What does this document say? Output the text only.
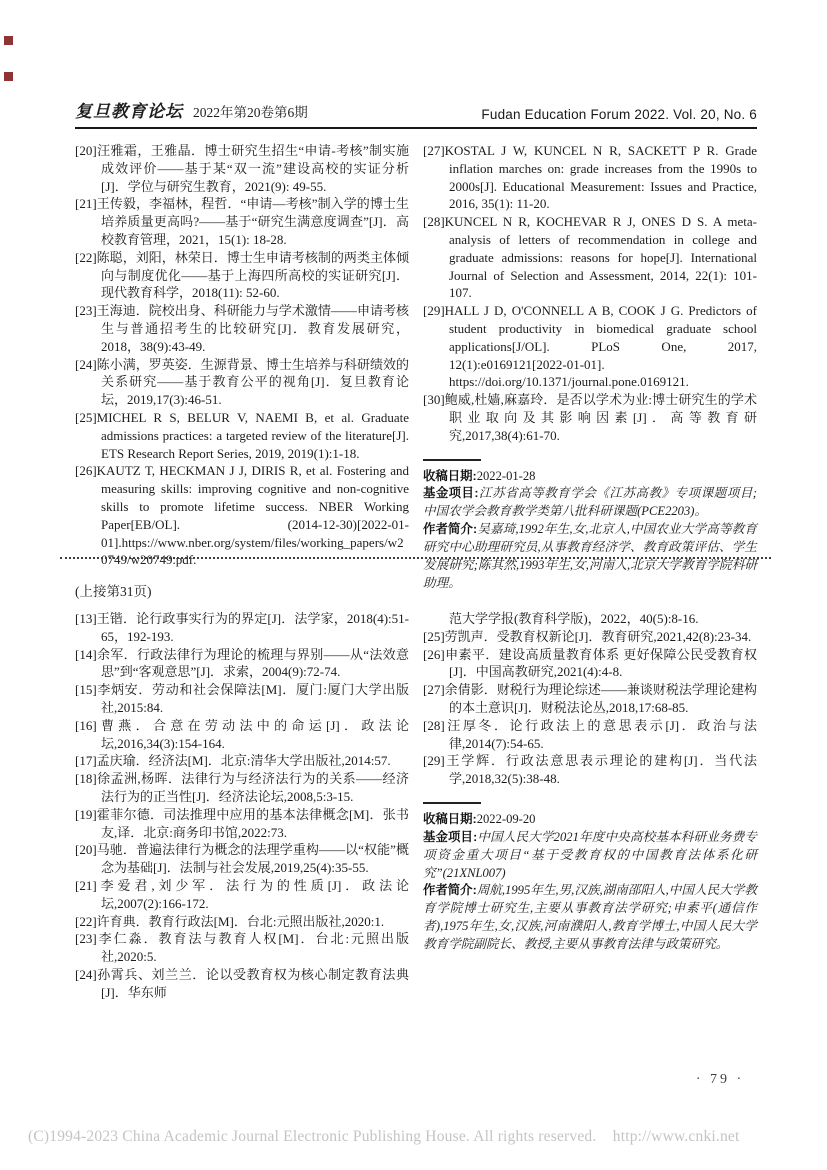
复旦教育论坛 2022年第20卷第6期	Fudan Education Forum 2022. Vol. 20, No. 6

[20]汪雅霜，王雅晶．博士研究生招生“申请-考核”制实施成效评价——基于某“双一流”建设高校的实证分析[J]．学位与研究生教育，2021(9): 49-55.

[21]王传毅，李福林，程哲．“申请—考核”制入学的博士生培养质量更高吗?——基于“研究生满意度调查”[J]．高校教育管理，2021，15(1): 18-28.

[22]陈聪，刘阳，林荣日．博士生申请考核制的两类主体倾向与制度优化——基于上海四所高校的实证研究[J]．现代教育科学，2018(11): 52-60.

[23]王海迪．院校出身、科研能力与学术激情——申请考核生与普通招考生的比较研究[J]．教育发展研究，2018，38(9):43-49.

[24]陈小满，罗英姿．生源背景、博士生培养与科研绩效的关系研究——基于教育公平的视角[J]．复旦教育论坛，2019,17(3):46-51.

[25]MICHEL R S, BELUR V, NAEMI B, et al. Graduate admissions practices: a targeted review of the literature[J]. ETS Research Report Series, 2019, 2019(1):1-18.

[26]KAUTZ T, HECKMAN J J, DIRIS R, et al. Fostering and measuring skills: improving cognitive and non-cognitive skills to promote lifetime success. NBER Working Paper[EB/OL]. (2014-12-30)[2022-01-01].https://www.nber.org/system/files/working_papers/w20749/w20749.pdf.

[27]KOSTAL J W, KUNCEL N R, SACKETT P R. Grade inflation marches on: grade increases from the 1990s to 2000s[J]. Educational Measurement: Issues and Practice, 2016, 35(1): 11-20.

[28]KUNCEL N R, KOCHEVAR R J, ONES D S. A meta-analysis of letters of recommendation in college and graduate admissions: reasons for hope[J]. International Journal of Selection and Assessment, 2014, 22(1): 101-107.

[29]HALL J D, O'CONNELL A B, COOK J G. Predictors of student productivity in biomedical graduate school applications[J/OL]. PLoS One, 2017, 12(1):e0169121[2022-01-01]. https://doi.org/10.1371/journal.pone.0169121.

[30]鲍威,杜嫱,麻嘉玲．是否以学术为业:博士研究生的学术职业取向及其影响因素[J]．高等教育研究,2017,38(4):61-70.

收稿日期:2022-01-28

基金项目:江苏省高等教育学会《江苏高教》专项课题项目;中国农学会教育教学类第八批科研课题(PCE2203)。

作者简介:吴嘉琦,1992年生,女,北京人,中国农业大学高等教育研究中心助理研究员,从事教育经济学、教育政策评估、学生发展研究;陈其然,1993年生,女,河南人,北京大学教育学院科研助理。

(上接第31页)

[13]王锴．论行政事实行为的界定[J]．法学家，2018(4):51-65，192-193.

[14]余军．行政法律行为理论的梳理与界别——从“法效意思”到“客观意思”[J]．求索，2004(9):72-74.

[15]李炳安．劳动和社会保障法[M]．厦门:厦门大学出版社,2015:84.

[16]曹燕．合意在劳动法中的命运[J]．政法论坛,2016,34(3):154-164.

[17]孟庆瑜．经济法[M]．北京:清华大学出版社,2014:57.

[18]徐孟洲,杨晖．法律行为与经济法行为的关系——经济法行为的正当性[J]．经济法论坛,2008,5:3-15.

[19]霍菲尔德．司法推理中应用的基本法律概念[M]．张书友,译．北京:商务印书馆,2022:73.

[20]马驰．普遍法律行为概念的法理学重构——以“权能”概念为基础[J]．法制与社会发展,2019,25(4):35-55.

[21]李爱君,刘少军．法行为的性质[J]．政法论坛,2007(2):166-172.

[22]许育典．教育行政法[M]．台北:元照出版社,2020:1.

[23]李仁淼．教育法与教育人权[M]．台北:元照出版社,2020:5.

[24]孙霄兵、刘兰兰．论以受教育权为核心制定教育法典[J]．华东师

范大学学报(教育科学版)，2022，40(5):8-16.

[25]劳凯声．受教育权新论[J]．教育研究,2021,42(8):23-34.

[26]申素平．建设高质量教育体系 更好保障公民受教育权[J]．中国高教研究,2021(4):4-8.

[27]余倩影．财税行为理论综述——兼谈财税法学理论建构的本土意识[J]．财税法论丛,2018,17:68-85.

[28]汪厚冬．论行政法上的意思表示[J]．政治与法律,2014(7):54-65.

[29]王学辉．行政法意思表示理论的建构[J]．当代法学,2018,32(5):38-48.

收稿日期:2022-09-20

基金项目:中国人民大学2021年度中央高校基本科研业务费专项资金重大项目“基于受教育权的中国教育法体系化研究”(21XNL007)

作者简介:周航,1995年生,男,汉族,湖南邵阳人,中国人民大学教育学院博士研究生,主要从事教育法学研究;申素平(通信作者),1975年生,女,汉族,河南濮阳人,教育学博士,中国人民大学教育学院副院长、教授,主要从事教育法律与政策研究。

· 79 ·
(C)1994-2023 China Academic Journal Electronic Publishing House. All rights reserved.    http://www.cnki.net
